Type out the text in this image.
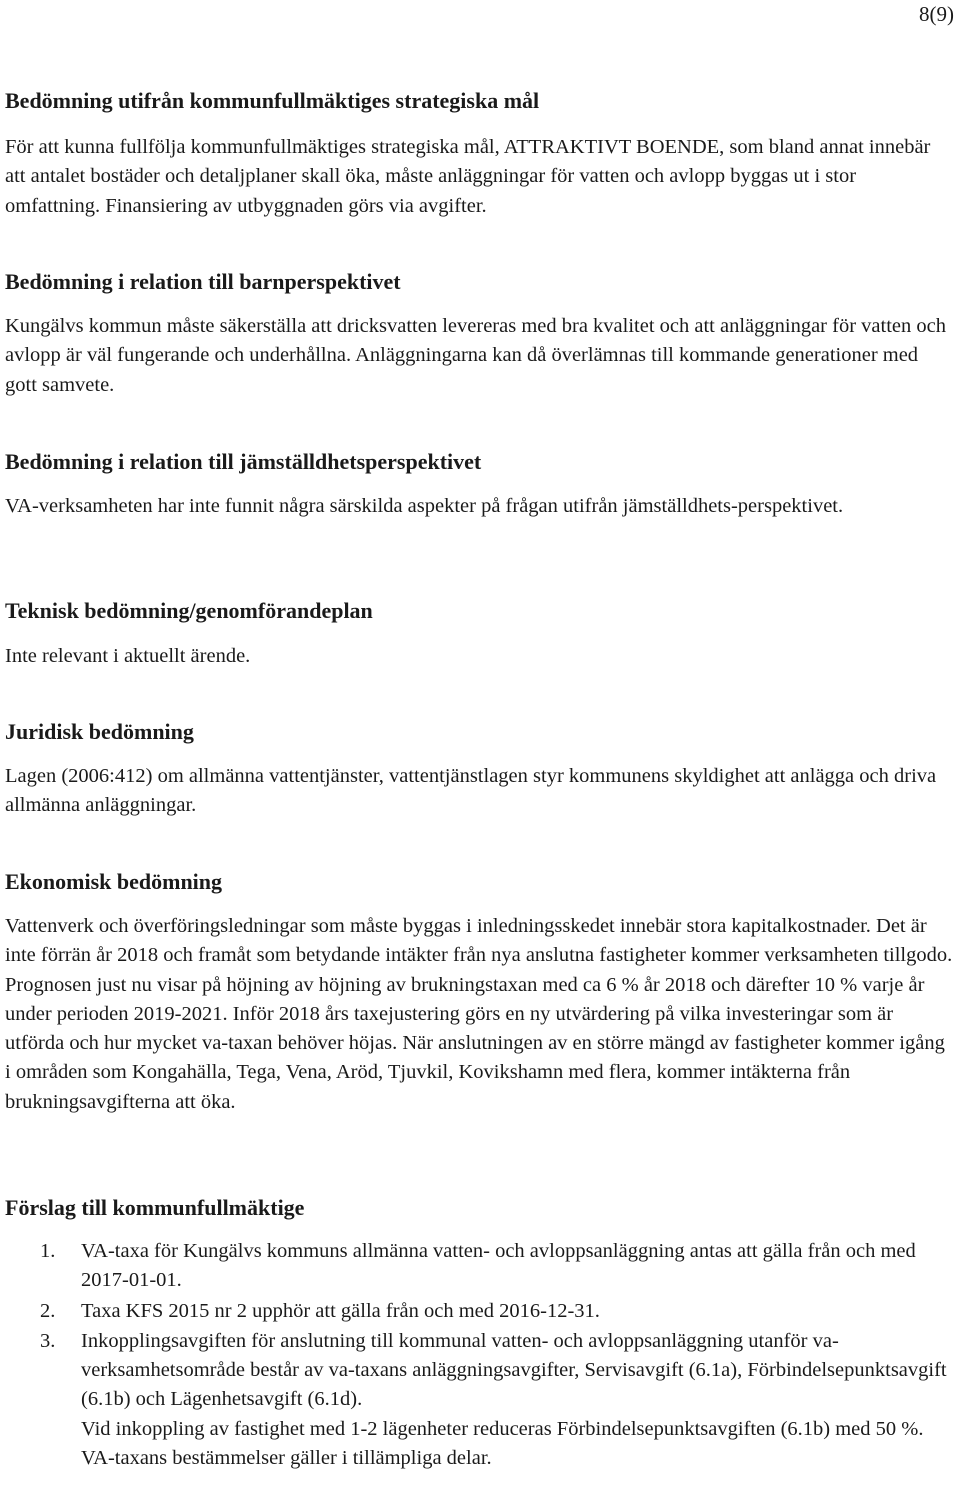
8(9)
Bedömning utifrån kommunfullmäktiges strategiska mål

För att kunna fullfölja kommunfullmäktiges strategiska mål, ATTRAKTIVT BOENDE, som bland annat innebär att antalet bostäder och detaljplaner skall öka, måste anläggningar för vatten och avlopp byggas ut i stor omfattning. Finansiering av utbyggnaden görs via avgifter.

Bedömning i relation till barnperspektivet

Kungälvs kommun måste säkerställa att dricksvatten levereras med bra kvalitet och att anläggningar för vatten och avlopp är väl fungerande och underhållna. Anläggningarna kan då överlämnas till kommande generationer med gott samvete.

Bedömning i relation till jämställdhetsperspektivet

VA-verksamheten har inte funnit några särskilda aspekter på frågan utifrån jämställdhets-perspektivet.

Teknisk bedömning/genomförandeplan

Inte relevant i aktuellt ärende.

Juridisk bedömning

Lagen (2006:412) om allmänna vattentjänster, vattentjänstlagen styr kommunens skyldighet att anlägga och driva allmänna anläggningar.

Ekonomisk bedömning

Vattenverk och överföringsledningar som måste byggas i inledningsskedet innebär stora kapitalkostnader. Det är inte förrän år 2018 och framåt som betydande intäkter från nya anslutna fastigheter kommer verksamheten tillgodo. Prognosen just nu visar på höjning av höjning av brukningstaxan med ca 6 % år 2018 och därefter 10 % varje år under perioden 2019-2021. Inför 2018 års taxejustering görs en ny utvärdering på vilka investeringar som är utförda och hur mycket va-taxan behöver höjas. När anslutningen av en större mängd av fastigheter kommer igång i områden som Kongahälla, Tega, Vena, Aröd, Tjuvkil, Kovikshamn med flera, kommer intäkterna från brukningsavgifterna att öka.

Förslag till kommunfullmäktige
1. VA-taxa för Kungälvs kommuns allmänna vatten- och avloppsanläggning antas att gälla från och med 2017-01-01.
2. Taxa KFS 2015 nr 2 upphör att gälla från och med 2016-12-31.
3. Inkopplingsavgiften för anslutning till kommunal vatten- och avloppsanläggning utanför va-verksamhetsområde består av va-taxans anläggningsavgifter, Servisavgift (6.1a), Förbindelsepunktsavgift (6.1b) och Lägenhetsavgift (6.1d).
Vid inkoppling av fastighet med 1-2 lägenheter reduceras Förbindelsepunktsavgiften (6.1b) med 50 %.
VA-taxans bestämmelser gäller i tillämpliga delar.
